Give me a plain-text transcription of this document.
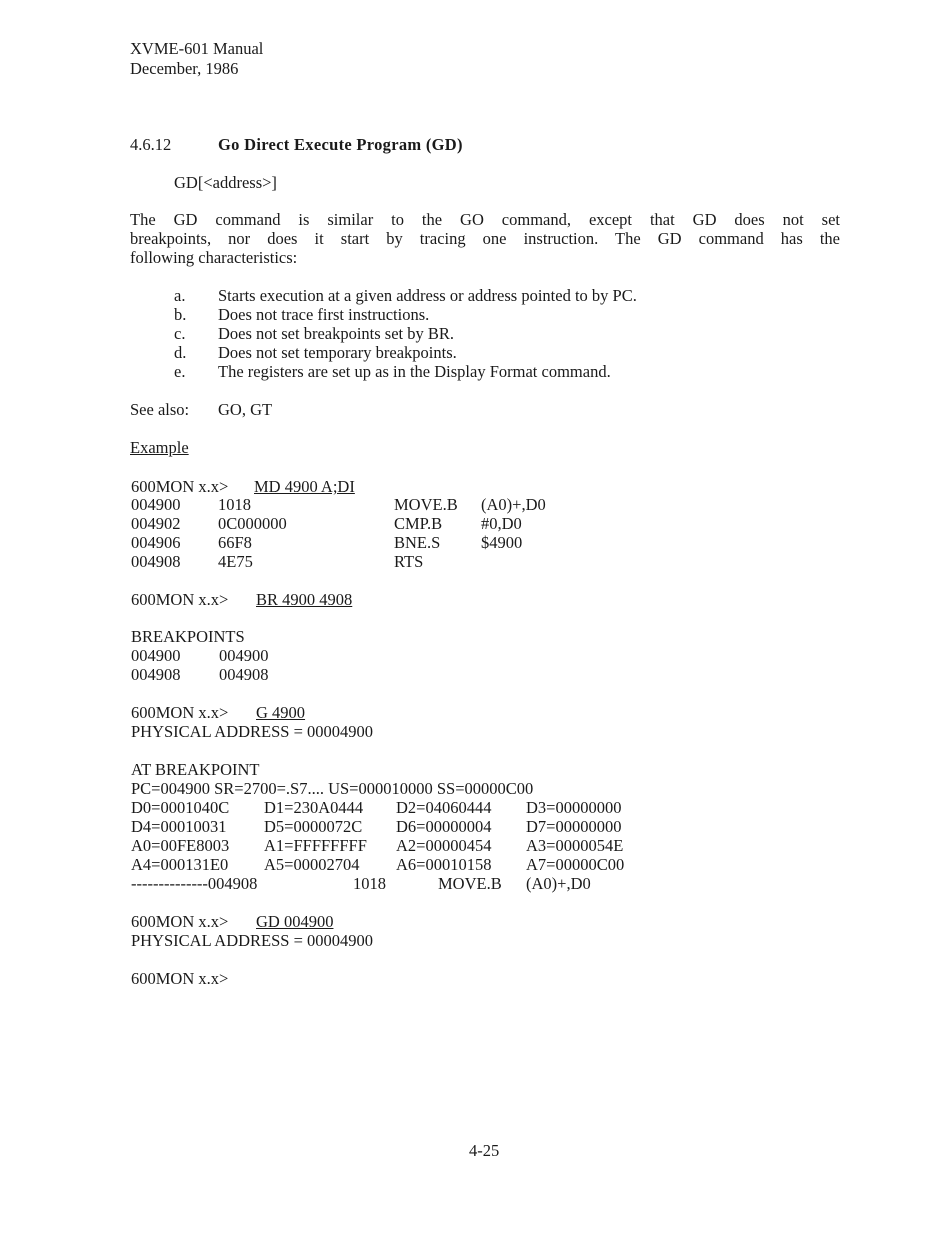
XVME-601 Manual
December, 1986
4.6.12	Go Direct Execute Program (GD)
GD[<address>]
The GD command is similar to the GO command, except that GD does not set
breakpoints, nor does it start by tracing one instruction. The GD command has the
following characteristics:
a. Starts execution at a given address or address pointed to by PC.
b. Does not trace first instructions.
c. Does not set breakpoints set by BR.
d. Does not set temporary breakpoints.
e. The registers are set up as in the Display Format command.
See also: GO, GT
Example
600MON x.x> MD 4900 A;DI
004900 1018	MOVE.B (A0)+,D0
004902 0C000000	CMP.B #0,D0
004906 66F8	BNE.S $4900
004908 4E75	RTS
600MON x.x> BR 4900 4908
BREAKPOINTS
004900 004900
004908 004908
600MON x.x> G 4900
PHYSICAL ADDRESS = 00004900
AT BREAKPOINT
PC=004900 SR=2700=.S7.... US=000010000 SS=00000C00
D0=0001040C D1=230A0444 D2=04060444 D3=00000000
D4=00010031 D5=0000072C D6=00000004 D7=00000000
A0=00FE8003 A1=FFFFFFFF A2=00000454 A3=0000054E
A4=000131E0 A5=00002704 A6=00010158 A7=00000C00
--------------004908	1018	MOVE.B (A0)+,D0
600MON x.x> GD 004900
PHYSICAL ADDRESS = 00004900
600MON x.x>
4-25
